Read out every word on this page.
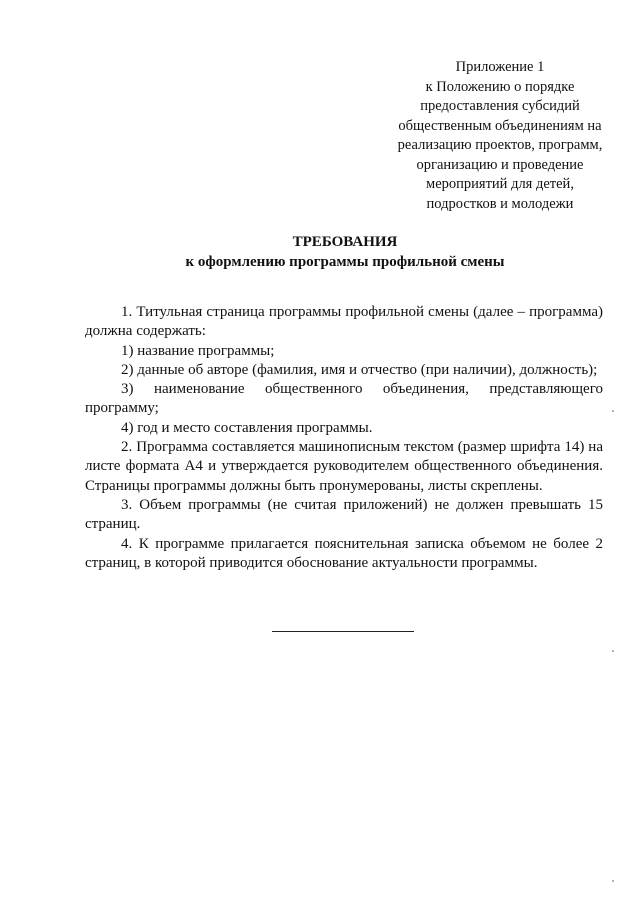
Приложение 1
к Положению о порядке
предоставления субсидий
общественным объединениям на
реализацию проектов, программ,
организацию и проведение
мероприятий для детей,
подростков и молодежи
ТРЕБОВАНИЯ
к оформлению программы профильной смены

1. Титульная страница программы профильной смены (далее – программа) должна содержать:

1) название программы;

2) данные об авторе (фамилия, имя и отчество (при наличии), должность);

3) наименование общественного объединения, представляющего программу;

4) год и место составления программы.

2. Программа составляется машинописным текстом (размер шрифта 14) на листе формата А4 и утверждается руководителем общественного объединения. Страницы программы должны быть пронумерованы, листы скреплены.

3. Объем программы (не считая приложений) не должен превышать 15 страниц.

4. К программе прилагается пояснительная записка объемом не более 2 страниц, в которой приводится обоснование актуальности программы.
